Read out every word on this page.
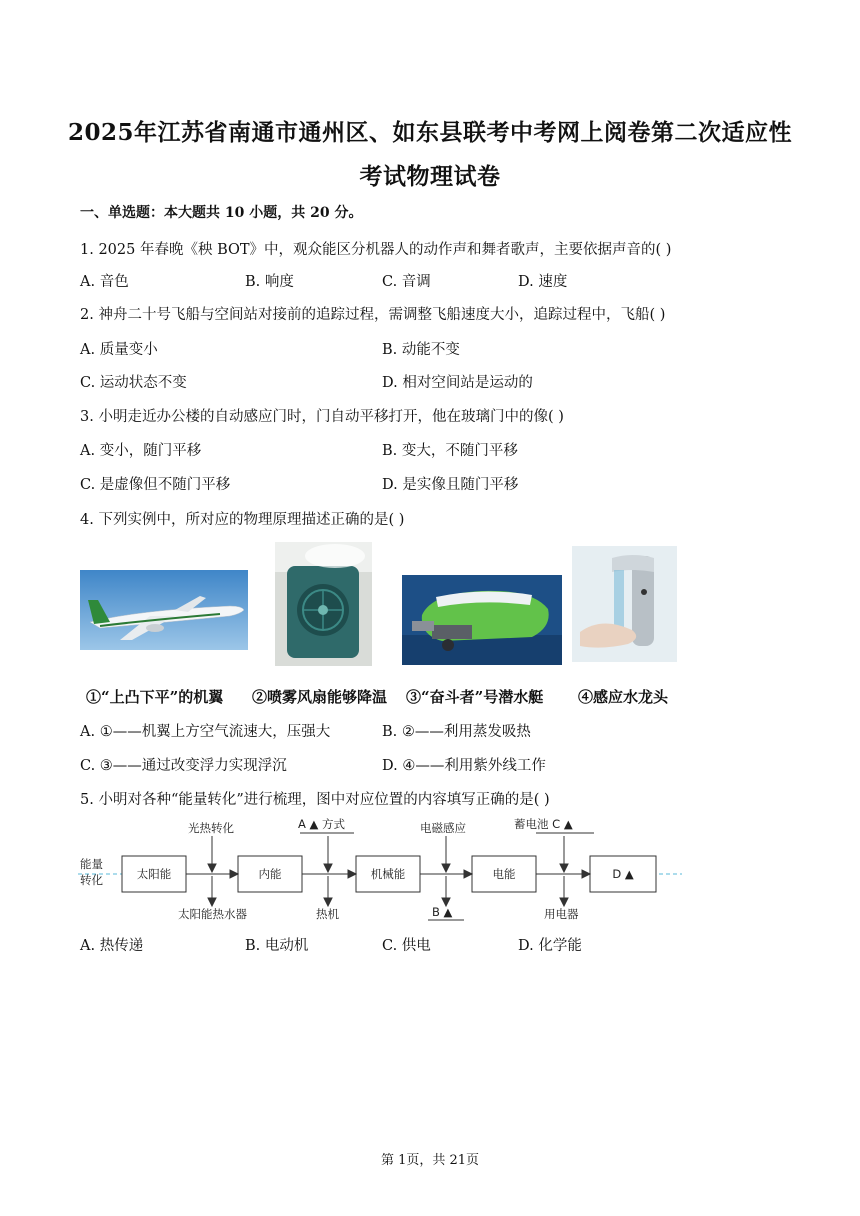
2025年江苏省南通市通州区、如东县联考中考网上阅卷第二次适应性
考试物理试卷
一、单选题：本大题共 10 小题，共 20 分。
1. 2025 年春晚《秧 BOT》中，观众能区分机器人的动作声和舞者歌声，主要依据声音的( )
A. 音色	B. 响度	C. 音调	D. 速度
2. 神舟二十号飞船与空间站对接前的追踪过程，需调整飞船速度大小，追踪过程中，飞船( )
A. 质量变小	B. 动能不变
C. 运动状态不变	D. 相对空间站是运动的
3. 小明走近办公楼的自动感应门时，门自动平移打开，他在玻璃门中的像( )
A. 变小，随门平移	B. 变大，不随门平移
C. 是虚像但不随门平移	D. 是实像且随门平移
4. 下列实例中，所对应的物理原理描述正确的是( )
①“上凸下平”的机翼 ②喷雾风扇能够降温 ③“奋斗者”号潜水艇 ④感应水龙头
A. ①——机翼上方空气流速大，压强大	B. ②——利用蒸发吸热
C. ③——通过改变浮力实现浮沉	D. ④——利用紫外线工作
5. 小明对各种“能量转化”进行梳理，图中对应位置的内容填写正确的是( )
能量
转化	太阳能	内能	机械能	电能	D ▲
光热转化	A ▲ 方式	电磁感应	蓄电池 C ▲
太阳能热水器	热机	B ▲	用电器
A. 热传递	B. 电动机	C. 供电	D. 化学能
第 1页，共 21页
